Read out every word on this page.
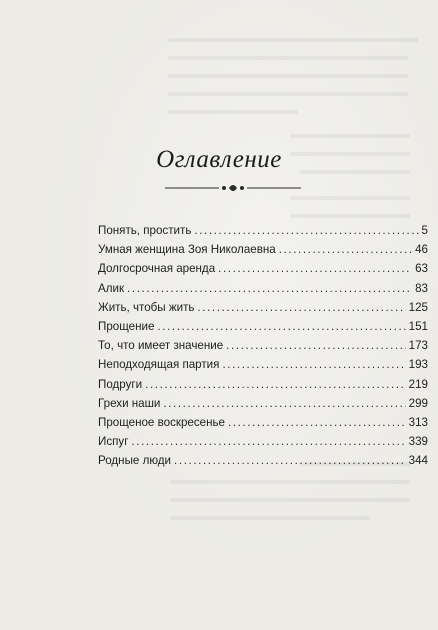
Оглавление
Понять, простить .....	5
Умная женщина Зоя Николаевна .....	46
Долгосрочная аренда .....	63
Алик .....	83
Жить, чтобы жить .....	125
Прощение .....	151
То, что имеет значение .....	173
Неподходящая партия .....	193
Подруги .....	219
Грехи наши .....	299
Прощеное воскресенье .....	313
Испуг .....	339
Родные люди .....	344
